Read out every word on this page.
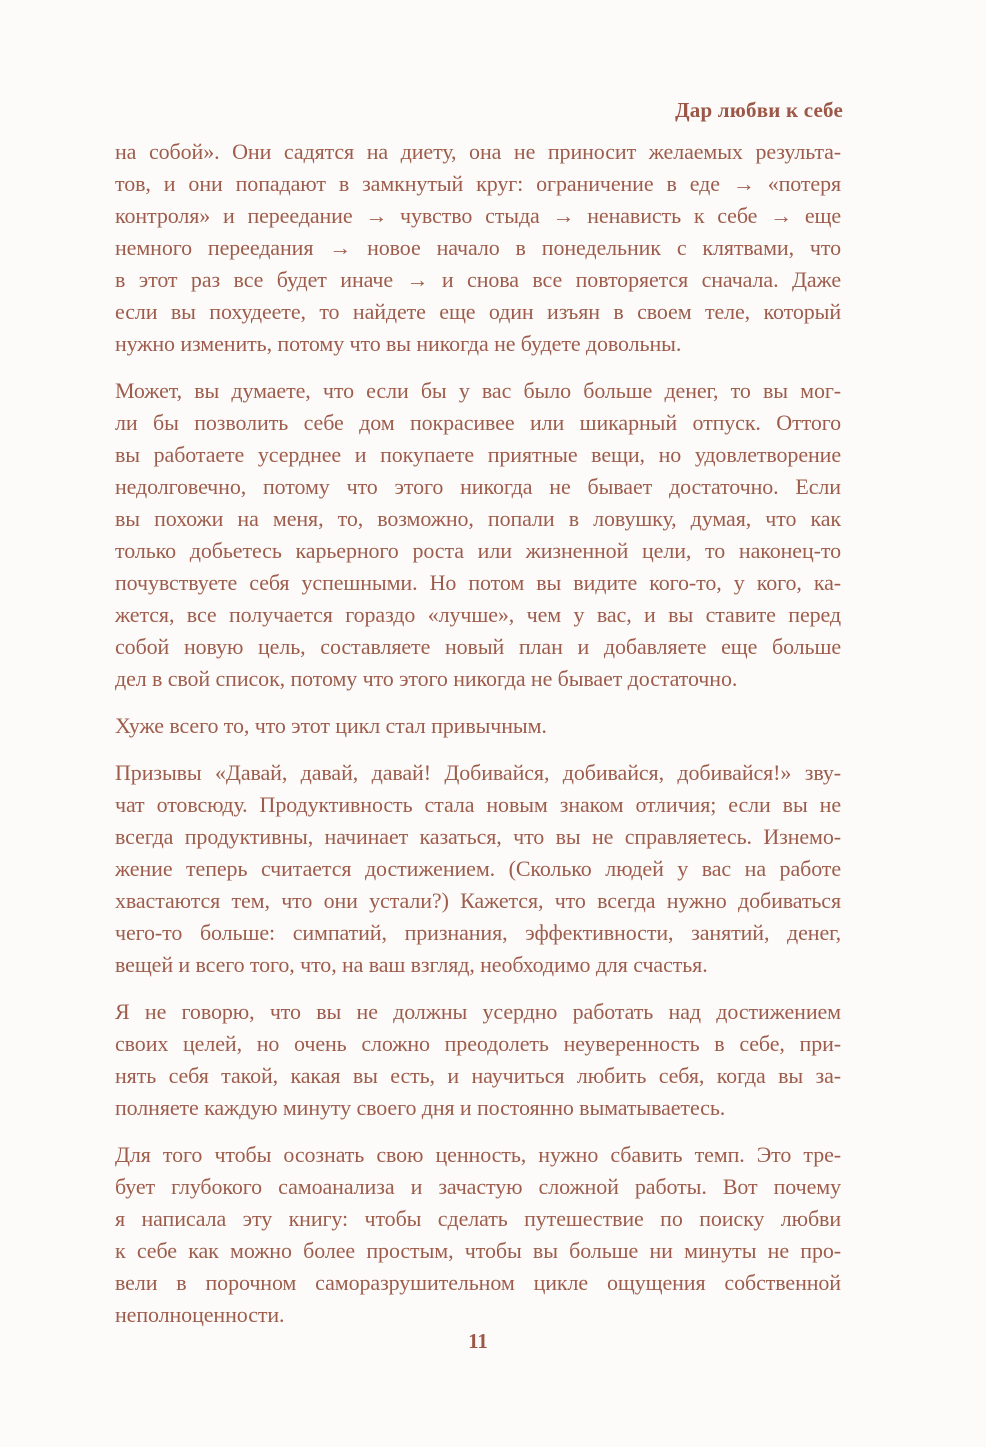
Дар любви к себе
на собой». Они садятся на диету, она не приносит желаемых результа-
тов, и они попадают в замкнутый круг: ограничение в еде → «потеря
контроля» и переедание → чувство стыда → ненависть к себе → еще
немного переедания → новое начало в понедельник с клятвами, что
в этот раз все будет иначе → и снова все повторяется сначала. Даже
если вы похудеете, то найдете еще один изъян в своем теле, который
нужно изменить, потому что вы никогда не будете довольны.
Может, вы думаете, что если бы у вас было больше денег, то вы мог-
ли бы позволить себе дом покрасивее или шикарный отпуск. Оттого
вы работаете усерднее и покупаете приятные вещи, но удовлетворение
недолговечно, потому что этого никогда не бывает достаточно. Если
вы похожи на меня, то, возможно, попали в ловушку, думая, что как
только добьетесь карьерного роста или жизненной цели, то наконец-то
почувствуете себя успешными. Но потом вы видите кого-то, у кого, ка-
жется, все получается гораздо «лучше», чем у вас, и вы ставите перед
собой новую цель, составляете новый план и добавляете еще больше
дел в свой список, потому что этого никогда не бывает достаточно.
Хуже всего то, что этот цикл стал привычным.
Призывы «Давай, давай, давай! Добивайся, добивайся, добивайся!» зву-
чат отовсюду. Продуктивность стала новым знаком отличия; если вы не
всегда продуктивны, начинает казаться, что вы не справляетесь. Изнемо-
жение теперь считается достижением. (Сколько людей у вас на работе
хвастаются тем, что они устали?) Кажется, что всегда нужно добиваться
чего-то больше: симпатий, признания, эффективности, занятий, денег,
вещей и всего того, что, на ваш взгляд, необходимо для счастья.
Я не говорю, что вы не должны усердно работать над достижением
своих целей, но очень сложно преодолеть неуверенность в себе, при-
нять себя такой, какая вы есть, и научиться любить себя, когда вы за-
полняете каждую минуту своего дня и постоянно выматываетесь.
Для того чтобы осознать свою ценность, нужно сбавить темп. Это тре-
бует глубокого самоанализа и зачастую сложной работы. Вот почему
я написала эту книгу: чтобы сделать путешествие по поиску любви
к себе как можно более простым, чтобы вы больше ни минуты не про-
вели в порочном саморазрушительном цикле ощущения собственной
неполноценности.
11
